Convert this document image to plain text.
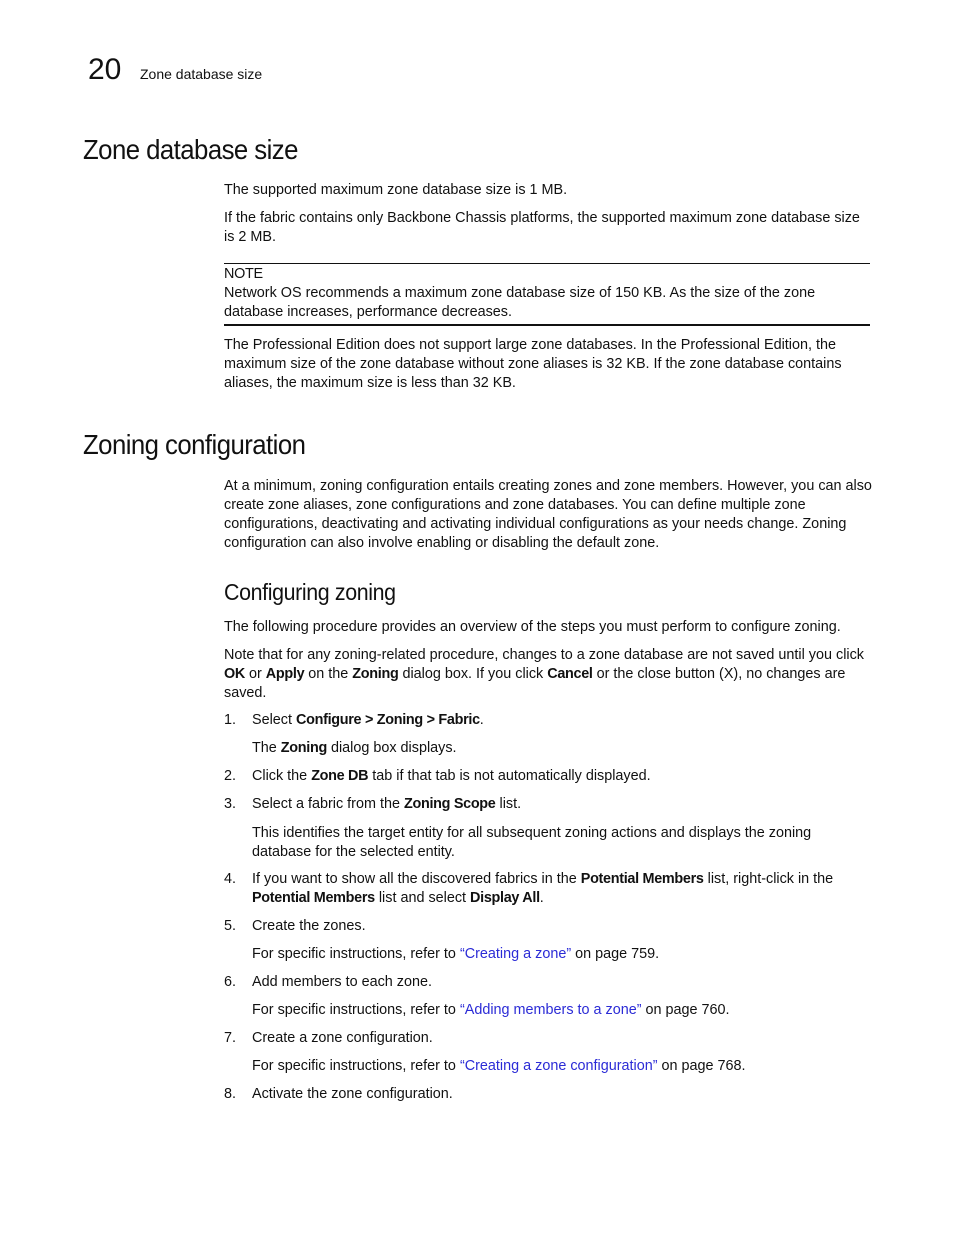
20 Zone database size
Zone database size

The supported maximum zone database size is 1 MB.

If the fabric contains only Backbone Chassis platforms, the supported maximum zone database size is 2 MB.

NOTE

Network OS recommends a maximum zone database size of 150 KB. As the size of the zone database increases, performance decreases.

The Professional Edition does not support large zone databases. In the Professional Edition, the maximum size of the zone database without zone aliases is 32 KB. If the zone database contains aliases, the maximum size is less than 32 KB.

Zoning configuration

At a minimum, zoning configuration entails creating zones and zone members. However, you can also create zone aliases, zone configurations and zone databases. You can define multiple zone configurations, deactivating and activating individual configurations as your needs change. Zoning configuration can also involve enabling or disabling the default zone.

Configuring zoning

The following procedure provides an overview of the steps you must perform to configure zoning.

Note that for any zoning-related procedure, changes to a zone database are not saved until you click OK or Apply on the Zoning dialog box. If you click Cancel or the close button (X), no changes are saved.

1.	Select Configure > Zoning > Fabric.
The Zoning dialog box displays.
2.	Click the Zone DB tab if that tab is not automatically displayed.
3.	Select a fabric from the Zoning Scope list.
This identifies the target entity for all subsequent zoning actions and displays the zoning database for the selected entity.
4.	If you want to show all the discovered fabrics in the Potential Members list, right-click in the Potential Members list and select Display All.
5.	Create the zones.
For specific instructions, refer to “Creating a zone” on page 759.
6.	Add members to each zone.
For specific instructions, refer to “Adding members to a zone” on page 760.
7.	Create a zone configuration.
For specific instructions, refer to “Creating a zone configuration” on page 768.
8.	Activate the zone configuration.
